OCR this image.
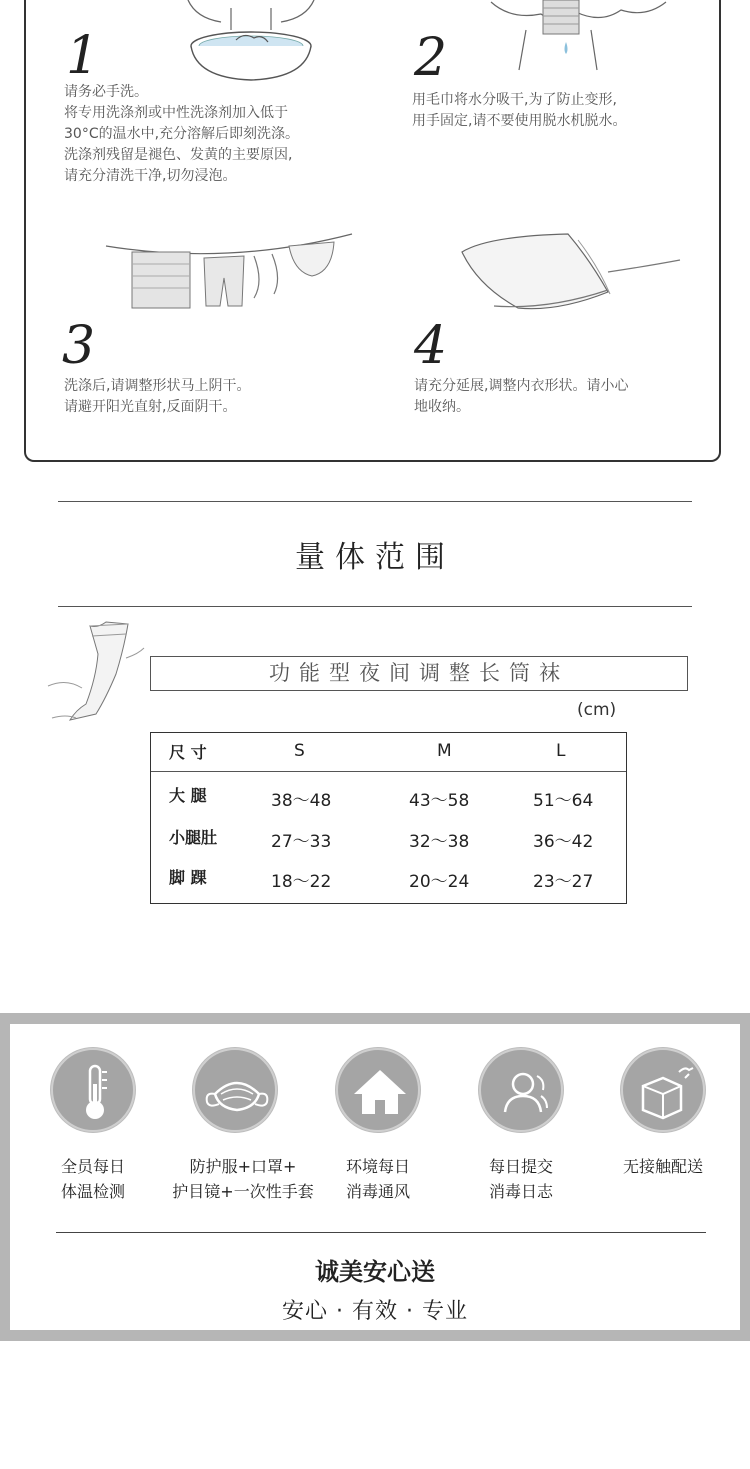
1
请务必手洗。
将专用洗涤剂或中性洗涤剂加入低于
30°C的温水中,充分溶解后即刻洗涤。
洗涤剂残留是褪色、发黄的主要原因,
请充分清洗干净,切勿浸泡。
2
用毛巾将水分吸干,为了防止变形,
用手固定,请不要使用脱水机脱水。
3
洗涤后,请调整形状马上阴干。
请避开阳光直射,反面阴干。
4
请充分延展,调整内衣形状。请小心
地收纳。
量体范围
功能型夜间调整长筒袜
(cm)
尺 寸	S	M	L
大 腿	38～48	43～58	51～64
小腿肚	27～33	32～38	36～42
脚 踝	18～22	20～24	23～27
全员每日
体温检测
防护服+口罩+
护目镜+一次性手套
环境每日
消毒通风
每日提交
消毒日志
无接触配送
诚美安心送
安心 · 有效 · 专业
